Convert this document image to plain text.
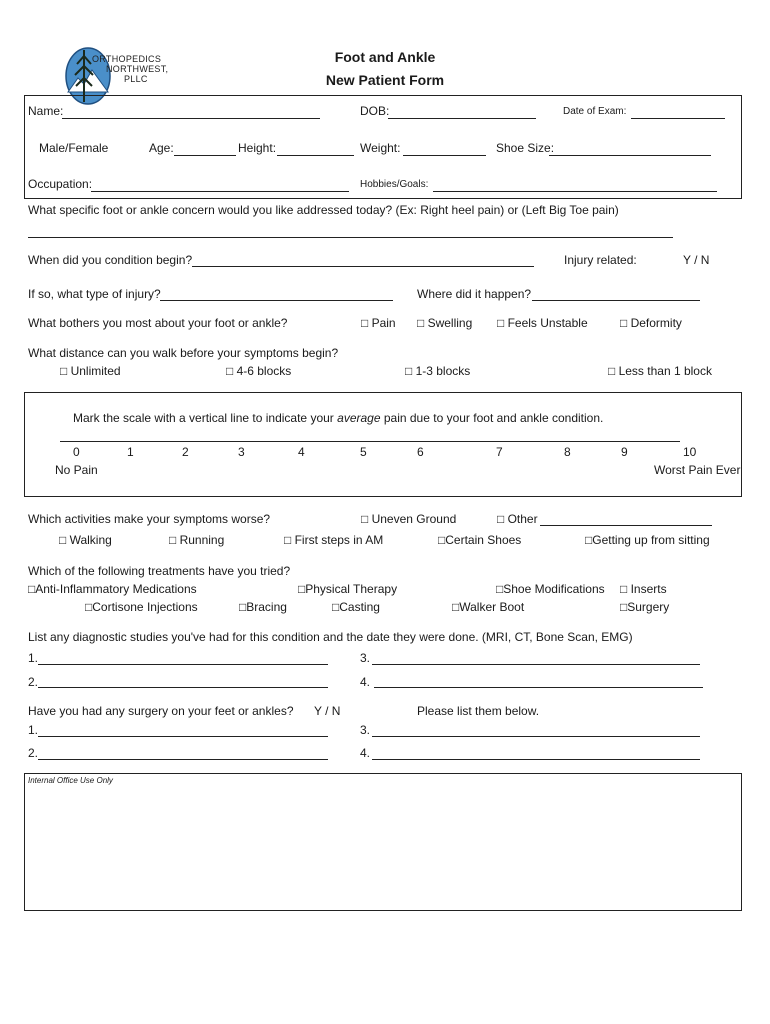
ORTHOPEDICS
NORTHWEST,
PLLC
Foot and Ankle
New Patient Form
Name:	DOB:	Date of Exam:
Male/Female	Age:	Height:	Weight:	Shoe Size:
Occupation:	Hobbies/Goals:
What specific foot or ankle concern would you like addressed today? (Ex: Right heel pain) or (Left Big Toe pain)
When did you condition begin?	Injury related:	Y / N
If so, what type of injury?	Where did it happen?
What bothers you most about your foot or ankle?	□ Pain □ Swelling □ Feels Unstable	□ Deformity
What distance can you walk before your symptoms begin?
□ Unlimited	□ 4-6 blocks	□ 1-3 blocks	□ Less than 1 block
Mark the scale with a vertical line to indicate your average pain due to your foot and ankle condition.
0	1	2	3	4	5	6	7	8	9	10
No Pain	Worst Pain Ever
Which activities make your symptoms worse?	□ Uneven Ground	□ Other
□ Walking	□ Running	□ First steps in AM	□Certain Shoes	□Getting up from sitting
Which of the following treatments have you tried?
□Anti-Inflammatory Medications	□Physical Therapy	□Shoe Modifications □ Inserts
□Cortisone Injections	□Bracing	□Casting	□Walker Boot	□Surgery
List any diagnostic studies you've had for this condition and the date they were done. (MRI, CT, Bone Scan, EMG)
1.	3.
2.	4.
Have you had any surgery on your feet or ankles? Y / N	Please list them below.
1.	3.
2.	4.
Internal Office Use Only
